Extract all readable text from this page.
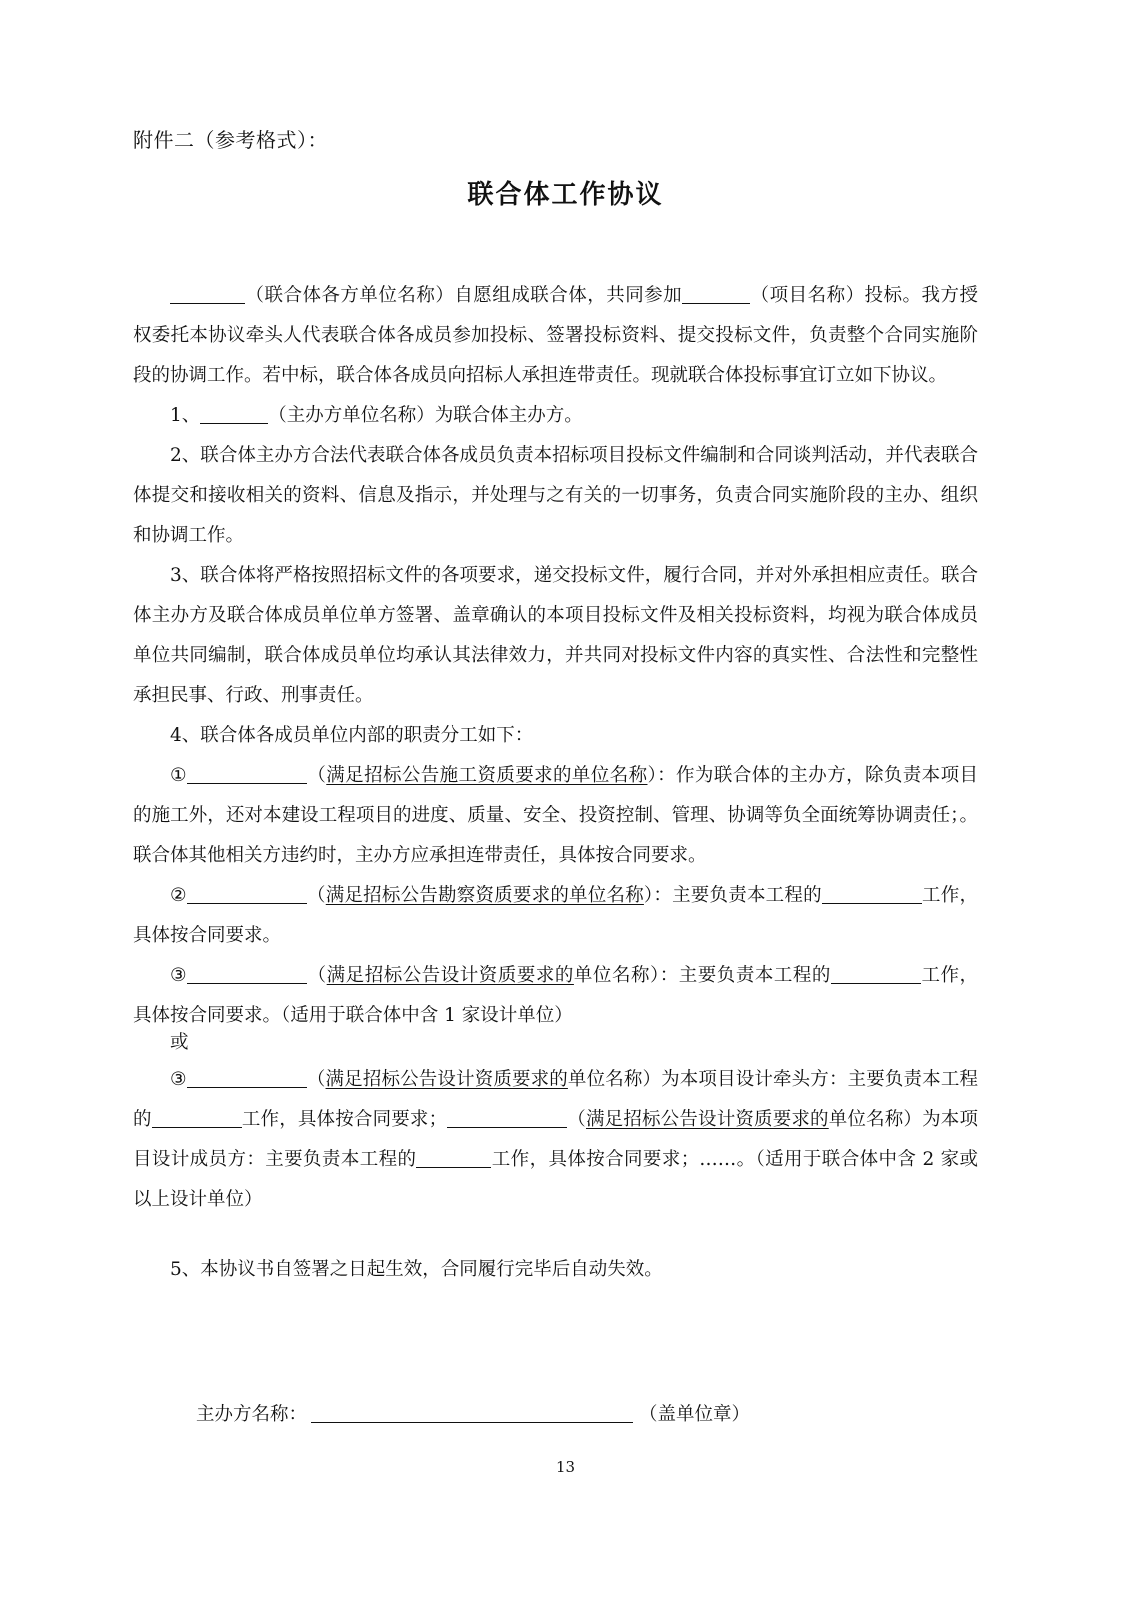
附件二（参考格式）：
联合体工作协议

（联合体各方单位名称）自愿组成联合体，共同参加	（项目名称）投标。我方授权委托本协议牵头人代表联合体各成员参加投标、签署投标资料、提交投标文件，负责整个合同实施阶段的协调工作。若中标，联合体各成员向招标人承担连带责任。现就联合体投标事宜订立如下协议。

1、	（主办方单位名称）为联合体主办方。

2、联合体主办方合法代表联合体各成员负责本招标项目投标文件编制和合同谈判活动，并代表联合体提交和接收相关的资料、信息及指示，并处理与之有关的一切事务，负责合同实施阶段的主办、组织和协调工作。

3、联合体将严格按照招标文件的各项要求，递交投标文件，履行合同，并对外承担相应责任。联合体主办方及联合体成员单位单方签署、盖章确认的本项目投标文件及相关投标资料，均视为联合体成员单位共同编制，联合体成员单位均承认其法律效力，并共同对投标文件内容的真实性、合法性和完整性承担民事、行政、刑事责任。

4、联合体各成员单位内部的职责分工如下：

①	（满足招标公告施工资质要求的单位名称）：作为联合体的主办方，除负责本项目的施工外，还对本建设工程项目的进度、质量、安全、投资控制、管理、协调等负全面统筹协调责任；。联合体其他相关方违约时，主办方应承担连带责任，具体按合同要求。

②	（满足招标公告勘察资质要求的单位名称）：主要负责本工程的	工作，具体按合同要求。

③	（满足招标公告设计资质要求的单位名称）：主要负责本工程的	工作，具体按合同要求。（适用于联合体中含 1 家设计单位）

或

③	（满足招标公告设计资质要求的单位名称）为本项目设计牵头方：主要负责本工程的	工作，具体按合同要求；	（满足招标公告设计资质要求的单位名称）为本项目设计成员方：主要负责本工程的	工作，具体按合同要求；……。（适用于联合体中含 2 家或以上设计单位）

5、本协议书自签署之日起生效，合同履行完毕后自动失效。

主办方名称：	（盖单位章）
13
